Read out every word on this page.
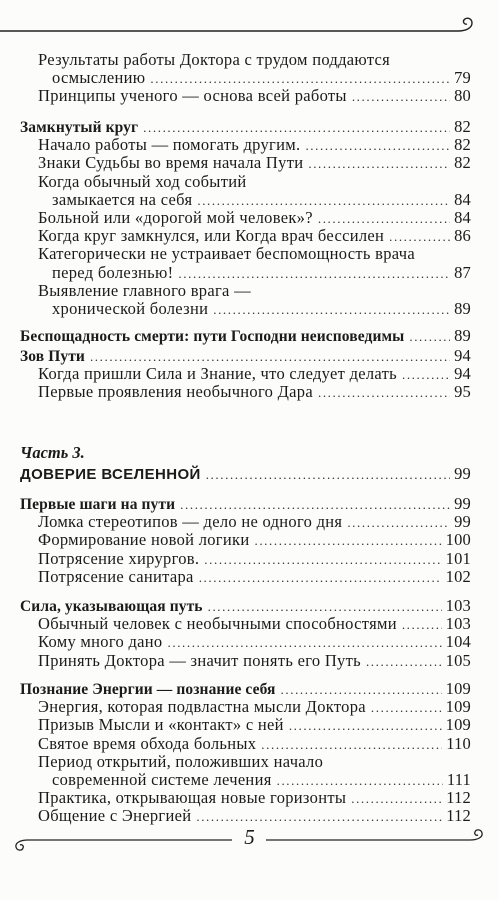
Результаты работы Доктора с трудом поддаются
осмыслению .....	79
Принципы ученого — основа всей работы .....	80
Замкнутый круг .....	82
Начало работы — помогать другим. .....	82
Знаки Судьбы во время начала Пути .....	82
Когда обычный ход событий
замыкается на себя .....	84
Больной или «дорогой мой человек»? .....	84
Когда круг замкнулся, или Когда врач бессилен .....	86
Категорически не устраивает беспомощность врача
перед болезнью! .....	87
Выявление главного врага —
хронической болезни .....	89
Беспощадность смерти: пути Господни неисповедимы .....	89
Зов Пути .....	94
Когда пришли Сила и Знание, что следует делать .....	94
Первые проявления необычного Дара .....	95
Часть 3.
ДОВЕРИЕ ВСЕЛЕННОЙ .....	99
Первые шаги на пути .....	99
Ломка стереотипов — дело не одного дня .....	99
Формирование новой логики .....	100
Потрясение хирургов. .....	101
Потрясение санитара .....	102
Сила, указывающая путь .....	103
Обычный человек с необычными способностями .....	103
Кому много дано .....	104
Принять Доктора — значит понять его Путь .....	105
Познание Энергии — познание себя .....	109
Энергия, которая подвластна мысли Доктора .....	109
Призыв Мысли и «контакт» с ней .....	109
Святое время обхода больных .....	110
Период открытий, положивших начало
современной системе лечения .....	111
Практика, открывающая новые горизонты .....	112
Общение с Энергией .....	112
5
